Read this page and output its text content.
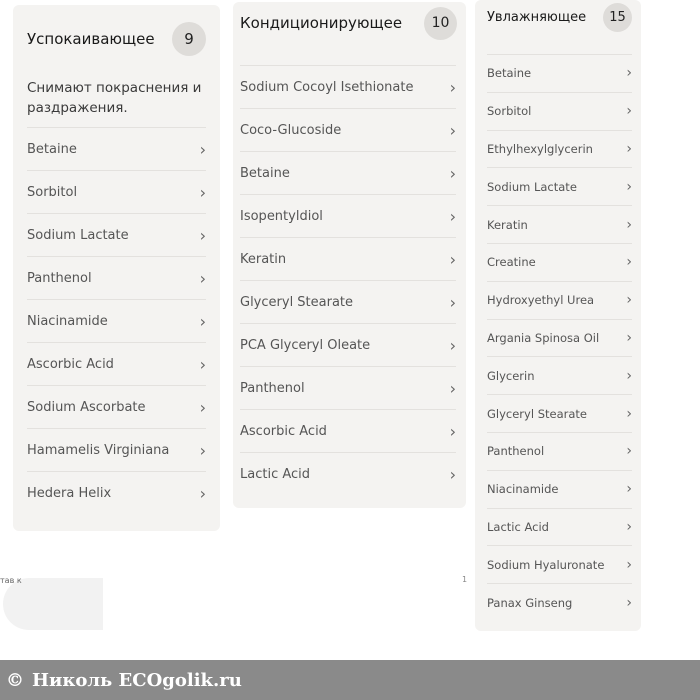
Успокаивающее	9
Снимают покраснения и раздражения.
Betaine	›
Sorbitol	›
Sodium Lactate	›
Panthenol	›
Niacinamide	›
Ascorbic Acid	›
Sodium Ascorbate	›
Hamamelis Virginiana ›
Hedera Helix	›
Кондиционирующее	10
Sodium Cocoyl Isethionate ›
Coco-Glucoside	›
Betaine	›
Isopentyldiol	›
Keratin	›
Glyceryl Stearate	›
PCA Glyceryl Oleate	›
Panthenol	›
Ascorbic Acid	›
Lactic Acid	›
Увлажняющее	15
Betaine	›
Sorbitol	›
Ethylhexylglycerin ›
Sodium Lactate	›
Keratin	›
Creatine	›
Hydroxyethyl Urea ›
Argania Spinosa Oil ›
Glycerin	›
Glyceryl Stearate	›
Panthenol	›
Niacinamide	›
Lactic Acid	›
Sodium Hyaluronate ›
Panax Ginseng	›
тав к	1
© Николь ECOgolik.ru
